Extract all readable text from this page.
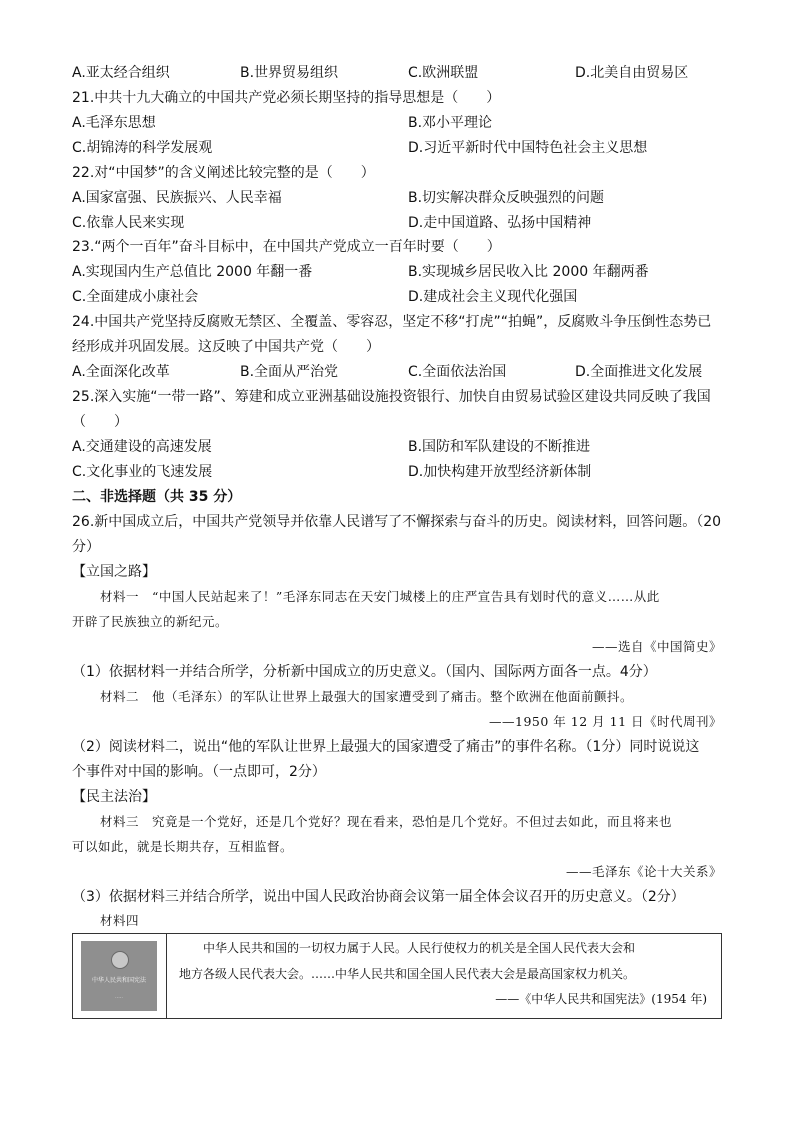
A.亚太经合组织	B.世界贸易组织	C.欧洲联盟	D.北美自由贸易区
21.中共十九大确立的中国共产党必须长期坚持的指导思想是（　　）
A.毛泽东思想	B.邓小平理论
C.胡锦涛的科学发展观	D.习近平新时代中国特色社会主义思想
22.对“中国梦”的含义阐述比较完整的是（　　）
A.国家富强、民族振兴、人民幸福	B.切实解决群众反映强烈的问题
C.依靠人民来实现	D.走中国道路、弘扬中国精神
23.“两个一百年”奋斗目标中，在中国共产党成立一百年时要（　　）
A.实现国内生产总值比 2000 年翻一番	B.实现城乡居民收入比 2000 年翻两番
C.全面建成小康社会	D.建成社会主义现代化强国
24.中国共产党坚持反腐败无禁区、全覆盖、零容忍，坚定不移“打虎”“拍蝇”，反腐败斗争压倒性态势已
经形成并巩固发展。这反映了中国共产党（　　）
A.全面深化改革	B.全面从严治党	C.全面依法治国	D.全面推进文化发展
25.深入实施“一带一路”、筹建和成立亚洲基础设施投资银行、加快自由贸易试验区建设共同反映了我国
（　　）
A.交通建设的高速发展	B.国防和军队建设的不断推进
C.文化事业的飞速发展	D.加快构建开放型经济新体制
二、非选择题（共 35 分）
26.新中国成立后，中国共产党领导并依靠人民谱写了不懈探索与奋斗的历史。阅读材料，回答问题。（20
分）
【立国之路】
材料一　“中国人民站起来了！”毛泽东同志在天安门城楼上的庄严宣告具有划时代的意义……从此
开辟了民族独立的新纪元。
——选自《中国简史》
（1）依据材料一并结合所学，分析新中国成立的历史意义。（国内、国际两方面各一点。4分）
材料二　他（毛泽东）的军队让世界上最强大的国家遭受到了痛击。整个欧洲在他面前颤抖。
——1950 年 12 月 11 日《时代周刊》
（2）阅读材料二，说出“他的军队让世界上最强大的国家遭受了痛击”的事件名称。（1分）同时说说这
个事件对中国的影响。（一点即可，2分）
【民主法治】
材料三　究竟是一个党好，还是几个党好？现在看来，恐怕是几个党好。不但过去如此，而且将来也
可以如此，就是长期共存，互相监督。
——毛泽东《论十大关系》
（3）依据材料三并结合所学，说出中国人民政治协商会议第一届全体会议召开的历史意义。（2分）
材料四
中华人民共和国宪法
·····
中华人民共和国的一切权力属于人民。人民行使权力的机关是全国人民代表大会和
地方各级人民代表大会。……中华人民共和国全国人民代表大会是最高国家权力机关。
——《中华人民共和国宪法》(1954 年)
